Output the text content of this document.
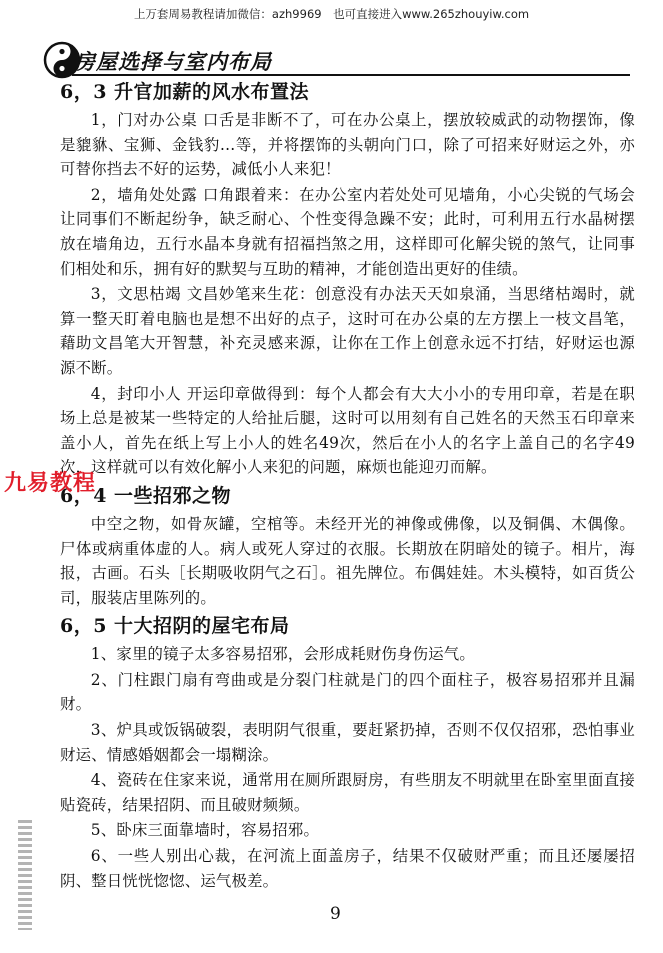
上万套周易教程请加微信：azh9969　也可直接进入www.265zhouyiw.com
房屋选择与室内布局
6，3 升官加薪的风水布置法

1，门对办公桌 口舌是非断不了，可在办公桌上，摆放较威武的动物摆饰，像是貔貅、宝狮、金钱豹…等，并将摆饰的头朝向门口，除了可招来好财运之外，亦可替你挡去不好的运势，减低小人来犯！

2，墙角处处露 口角跟着来：在办公室内若处处可见墙角，小心尖锐的气场会让同事们不断起纷争，缺乏耐心、个性变得急躁不安；此时，可利用五行水晶树摆放在墙角边，五行水晶本身就有招福挡煞之用，这样即可化解尖锐的煞气，让同事们相处和乐，拥有好的默契与互助的精神，才能创造出更好的佳绩。

3，文思枯竭 文昌妙笔来生花：创意没有办法天天如泉涌，当思绪枯竭时，就算一整天盯着电脑也是想不出好的点子，这时可在办公桌的左方摆上一枝文昌笔，藉助文昌笔大开智慧，补充灵感来源，让你在工作上创意永远不打结，好财运也源源不断。

4，封印小人 开运印章做得到：每个人都会有大大小小的专用印章，若是在职场上总是被某一些特定的人给扯后腿，这时可以用刻有自己姓名的天然玉石印章来盖小人，首先在纸上写上小人的姓名49次，然后在小人的名字上盖自己的名字49次，这样就可以有效化解小人来犯的问题，麻烦也能迎刃而解。

6，4 一些招邪之物

中空之物，如骨灰罐，空棺等。未经开光的神像或佛像，以及铜偶、木偶像。尸体或病重体虚的人。病人或死人穿过的衣服。长期放在阴暗处的镜子。相片，海报，古画。石头［长期吸收阴气之石］。祖先牌位。布偶娃娃。木头模特，如百货公司，服装店里陈列的。

6，5 十大招阴的屋宅布局

1、家里的镜子太多容易招邪，会形成耗财伤身伤运气。

2、门柱跟门扇有弯曲或是分裂门柱就是门的四个面柱子，极容易招邪并且漏财。

3、炉具或饭锅破裂，表明阴气很重，要赶紧扔掉，否则不仅仅招邪，恐怕事业财运、情感婚姻都会一塌糊涂。

4、瓷砖在住家来说，通常用在厕所跟厨房，有些朋友不明就里在卧室里面直接贴瓷砖，结果招阴、而且破财频频。

5、卧床三面靠墙时，容易招邪。

6、一些人别出心裁，在河流上面盖房子，结果不仅破财严重；而且还屡屡招阴、整日恍恍惚惚、运气极差。

九易教程
9
